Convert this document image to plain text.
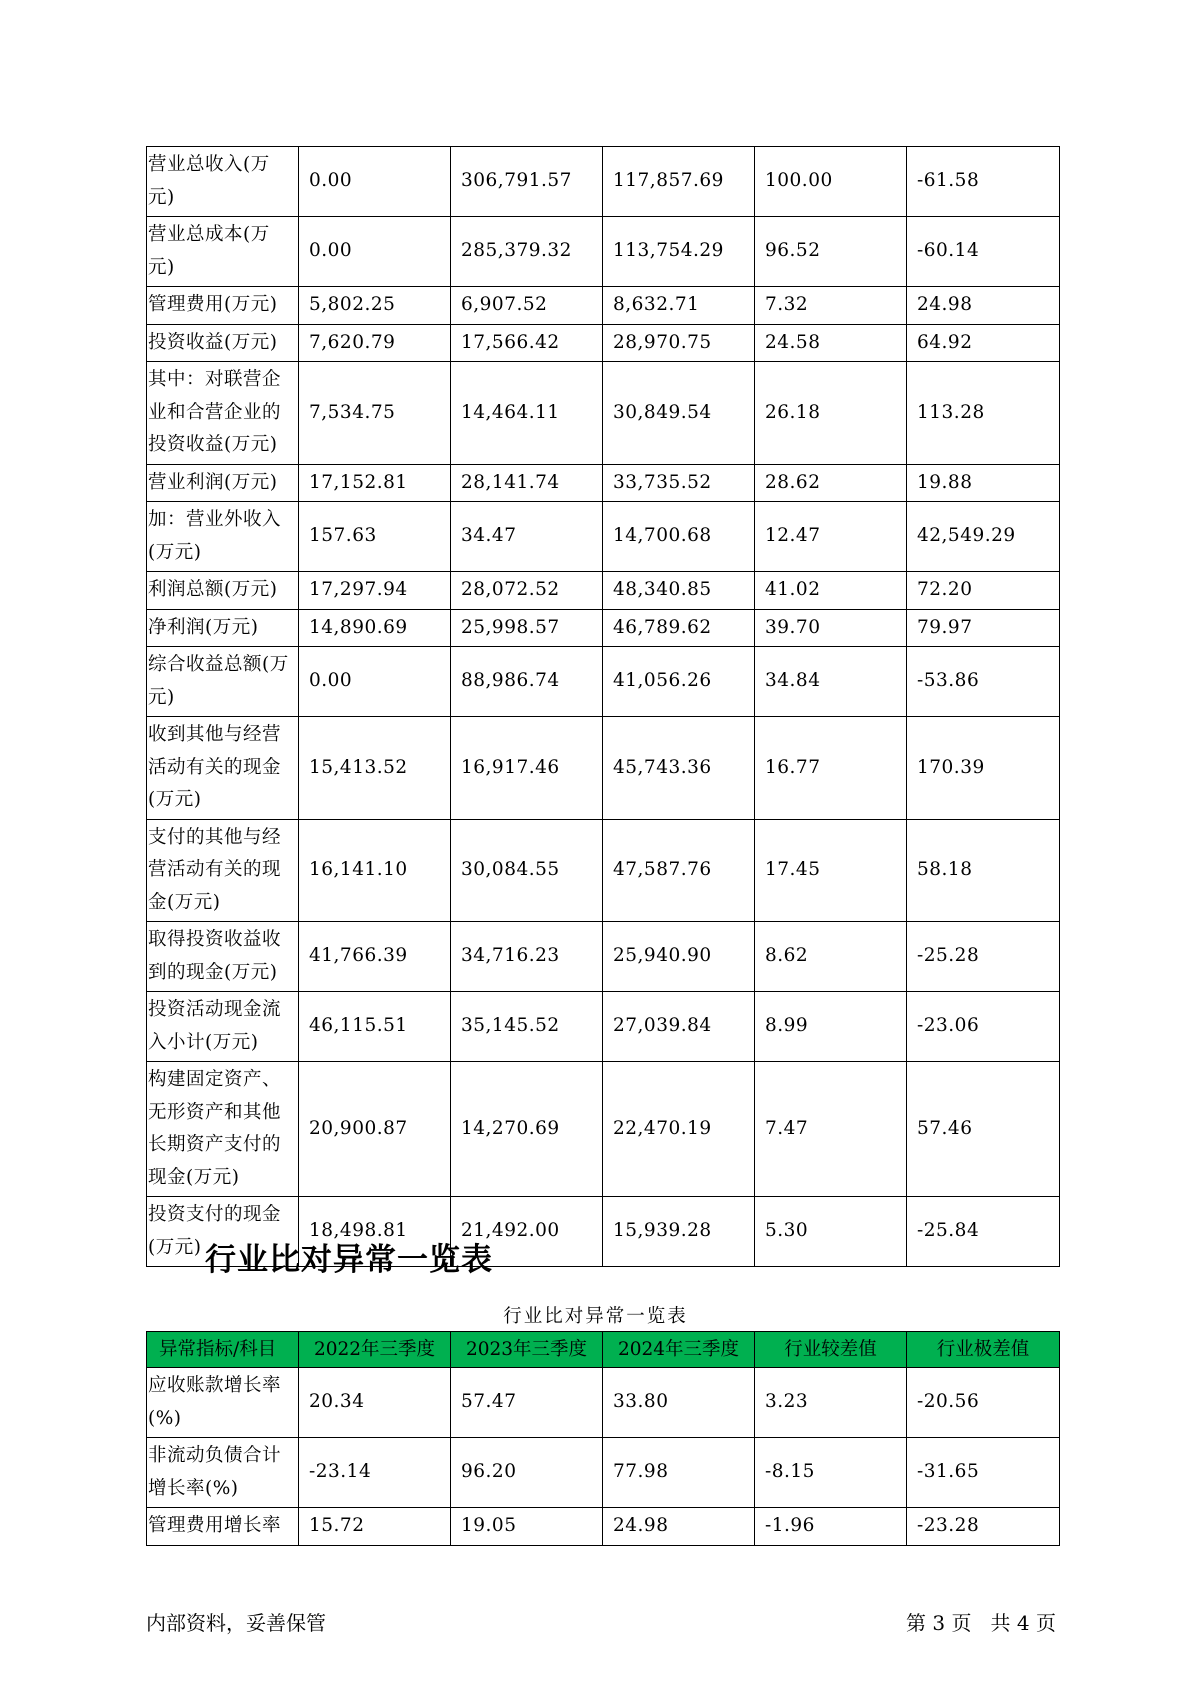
营业总收入(万元)	0.00	306,791.57	117,857.69	100.00	-61.58
营业总成本(万元)	0.00	285,379.32	113,754.29	96.52	-60.14
管理费用(万元)	5,802.25	6,907.52	8,632.71	7.32	24.98
投资收益(万元)	7,620.79	17,566.42	28,970.75	24.58	64.92
其中：对联营企业和合营企业的投资收益(万元)	7,534.75	14,464.11	30,849.54	26.18	113.28
营业利润(万元)	17,152.81	28,141.74	33,735.52	28.62	19.88
加：营业外收入(万元)	157.63	34.47	14,700.68	12.47	42,549.29
利润总额(万元)	17,297.94	28,072.52	48,340.85	41.02	72.20
净利润(万元)	14,890.69	25,998.57	46,789.62	39.70	79.97
综合收益总额(万元)	0.00	88,986.74	41,056.26	34.84	-53.86
收到其他与经营活动有关的现金(万元)	15,413.52	16,917.46	45,743.36	16.77	170.39
支付的其他与经营活动有关的现金(万元)	16,141.10	30,084.55	47,587.76	17.45	58.18
取得投资收益收到的现金(万元)	41,766.39	34,716.23	25,940.90	8.62	-25.28
投资活动现金流入小计(万元)	46,115.51	35,145.52	27,039.84	8.99	-23.06
构建固定资产、无形资产和其他长期资产支付的现金(万元)	20,900.87	14,270.69	22,470.19	7.47	57.46
投资支付的现金(万元)	18,498.81	21,492.00	15,939.28	5.30	-25.84
行业比对异常一览表
行业比对异常一览表
异常指标/科目	2022年三季度	2023年三季度	2024年三季度	行业较差值	行业极差值
应收账款增长率(%)	20.34	57.47	33.80	3.23	-20.56
非流动负债合计增长率(%)	-23.14	96.20	77.98	-8.15	-31.65
管理费用增长率	15.72	19.05	24.98	-1.96	-23.28
内部资料，妥善保管	第 3 页   共 4 页
